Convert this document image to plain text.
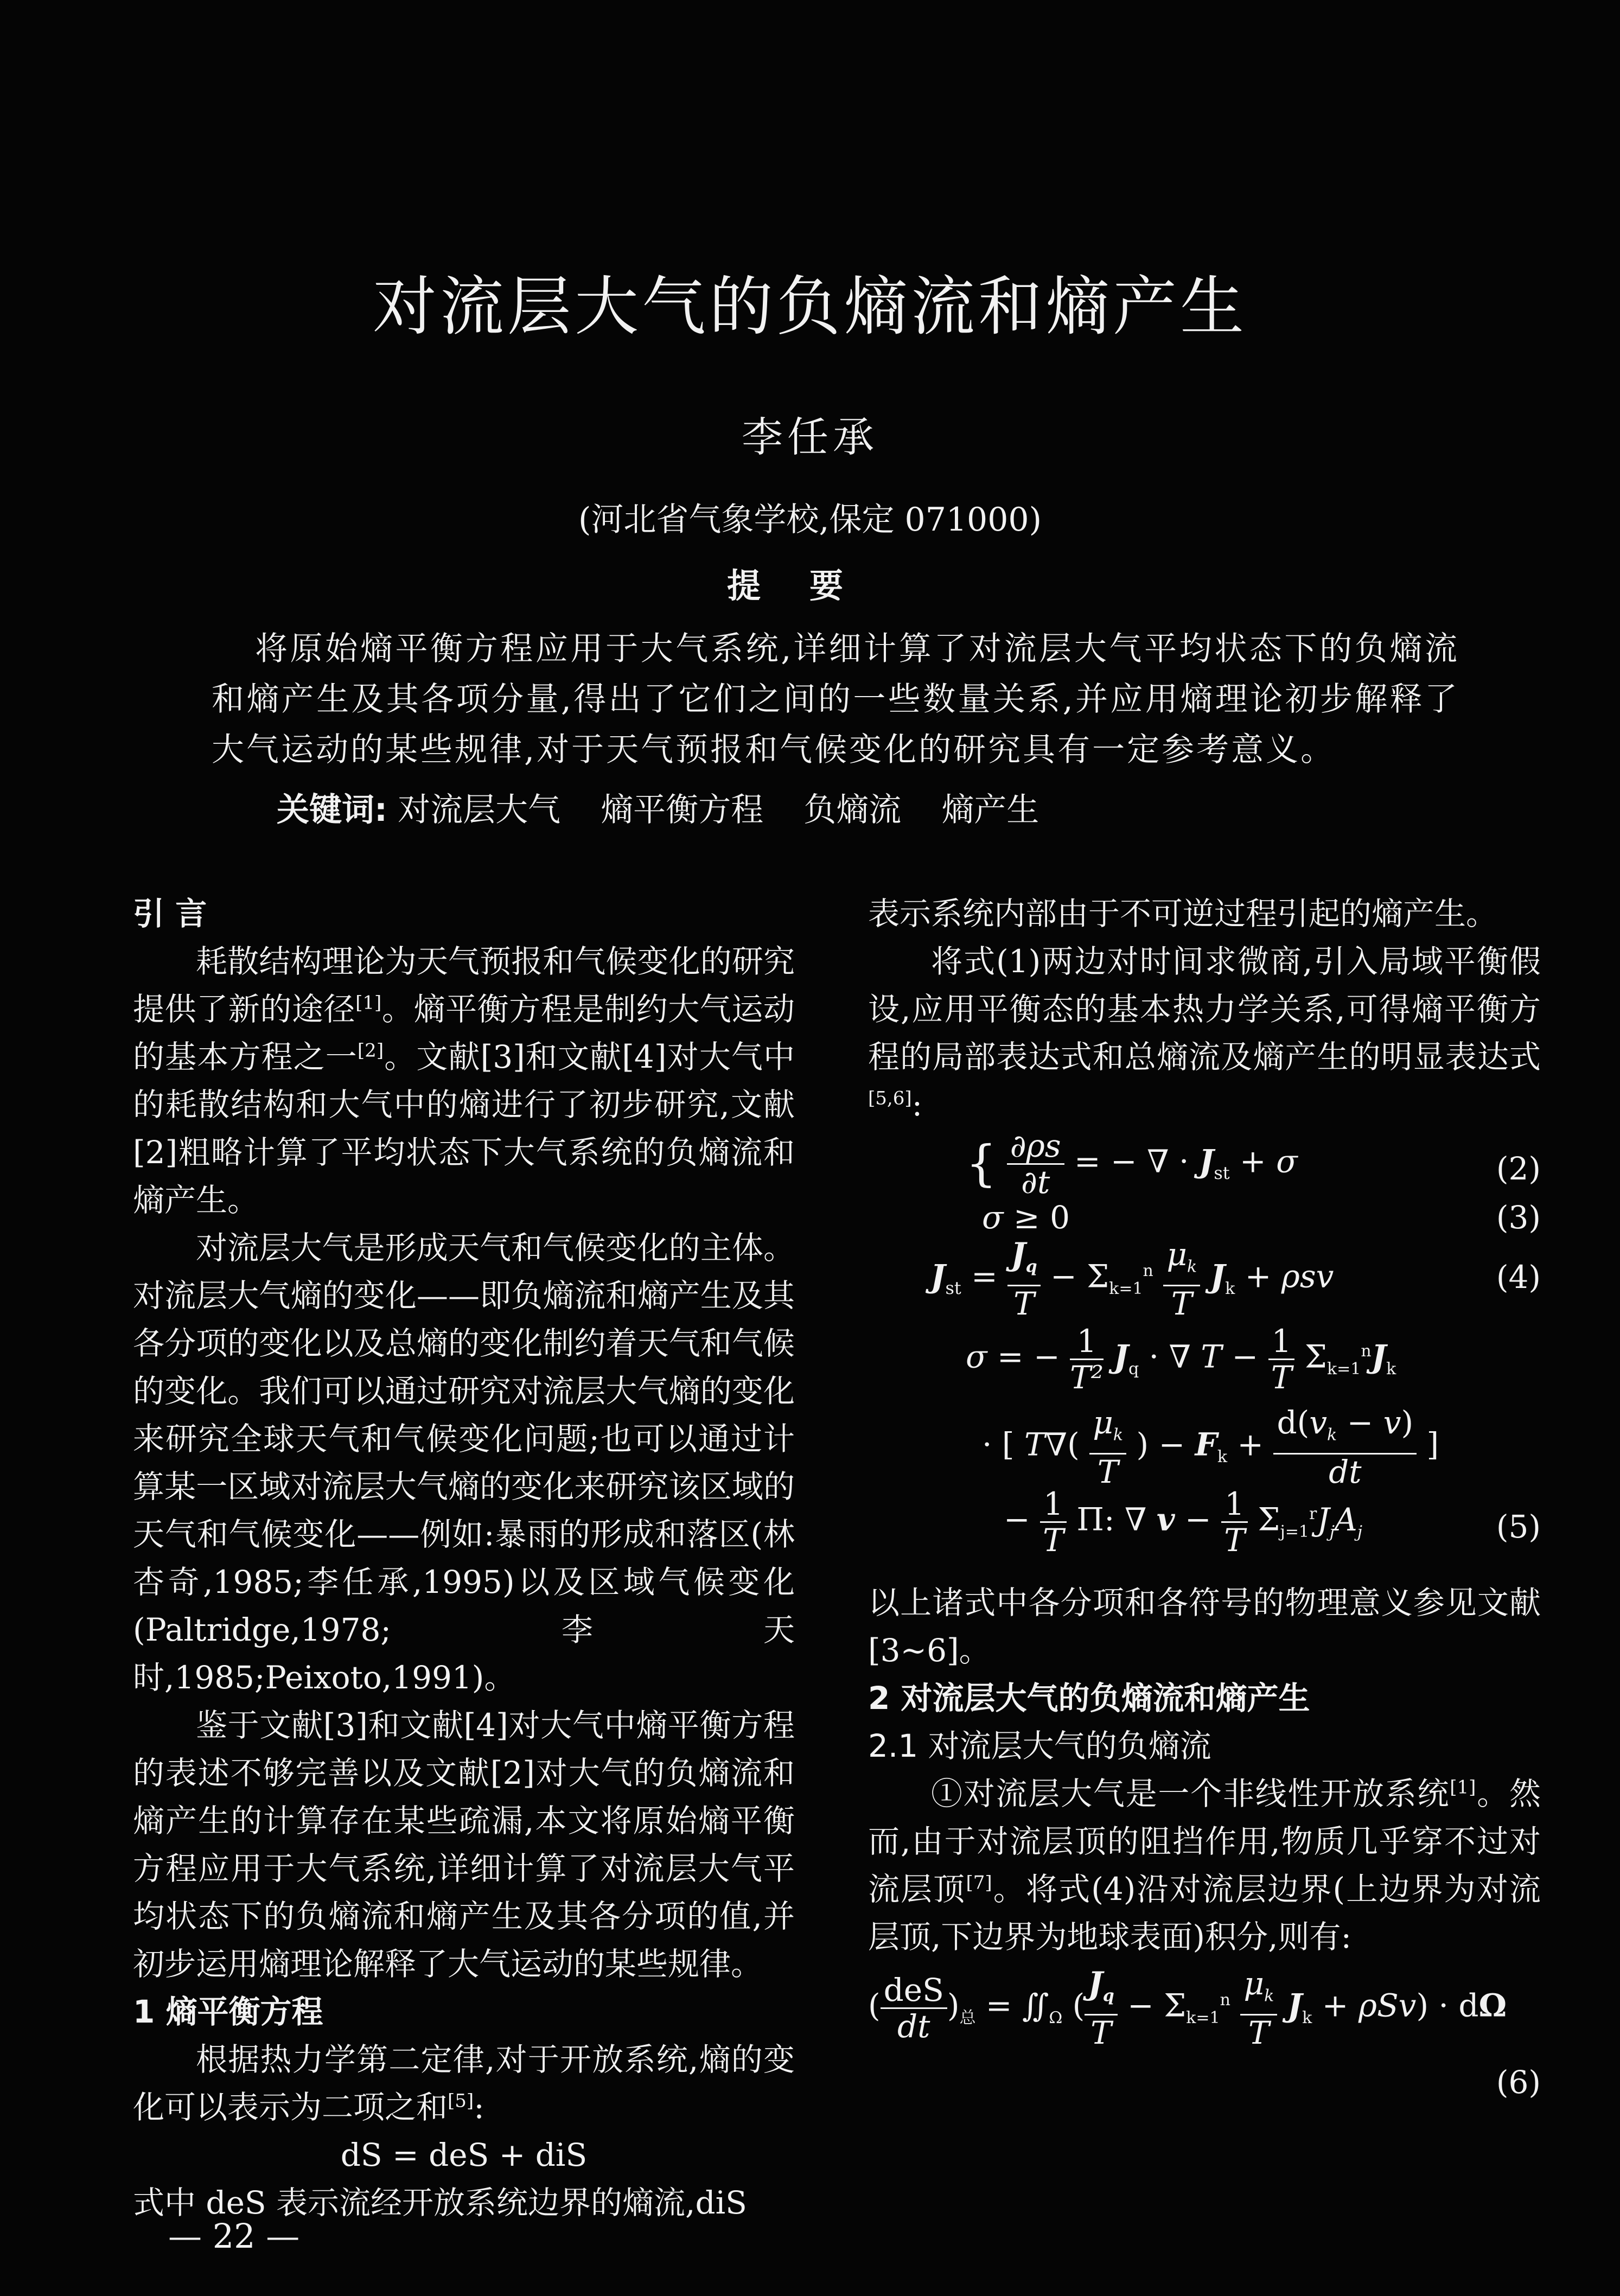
对流层大气的负熵流和熵产生
李任承
(河北省气象学校,保定 071000)
提 要
将原始熵平衡方程应用于大气系统,详细计算了对流层大气平均状态下的负熵流和熵产生及其各项分量,得出了它们之间的一些数量关系,并应用熵理论初步解释了大气运动的某些规律,对于天气预报和气候变化的研究具有一定参考意义。
关键词: 对流层大气 熵平衡方程 负熵流 熵产生
引 言

耗散结构理论为天气预报和气候变化的研究提供了新的途径[1]。熵平衡方程是制约大气运动的基本方程之一[2]。文献[3]和文献[4]对大气中的耗散结构和大气中的熵进行了初步研究,文献[2]粗略计算了平均状态下大气系统的负熵流和熵产生。

对流层大气是形成天气和气候变化的主体。对流层大气熵的变化——即负熵流和熵产生及其各分项的变化以及总熵的变化制约着天气和气候的变化。我们可以通过研究对流层大气熵的变化来研究全球天气和气候变化问题;也可以通过计算某一区域对流层大气熵的变化来研究该区域的天气和气候变化——例如:暴雨的形成和落区(林杏奇,1985;李任承,1995)以及区域气候变化(Paltridge,1978;李天时,1985;Peixoto,1991)。

鉴于文献[3]和文献[4]对大气中熵平衡方程的表述不够完善以及文献[2]对大气的负熵流和熵产生的计算存在某些疏漏,本文将原始熵平衡方程应用于大气系统,详细计算了对流层大气平均状态下的负熵流和熵产生及其各分项的值,并初步运用熵理论解释了大气运动的某些规律。

1 熵平衡方程

根据热力学第二定律,对于开放系统,熵的变化可以表示为二项之和[5]:

dS = deS + diS

式中 deS 表示流经开放系统边界的熵流,diS

表示系统内部由于不可逆过程引起的熵产生。

将式(1)两边对时间求微商,引入局域平衡假设,应用平衡态的基本热力学关系,可得熵平衡方程的局部表达式和总熵流及熵产生的明显表达式[5,6]:

{ $\frac{\partial\rho s}{\partial t}$ = − ∇ · $J_{st} + \sigma$	(2)
σ ≥ 0	(3)
$J_{st} = \frac{J_q}{T} - \Sigma_{k=1}^n \frac{\mu_k}{T} J_k + \rho sv$	(4)
σ = − $\frac{1}{\text{T²}} J_q$ · ∇ $T - \frac{1}{T} \Sigma_{k=1}^nJ_k$
· [ $T\nabla( \frac{\mu_k}{T}$ ) − $F_k + \frac{d(v_k - v)}{dt}$ ]
− $\frac{1}{T} \Pi$: ∇ $v - \frac{1}{T} \Sigma_{j=1}^rJ_jA_j$	(5)

以上诸式中各分项和各符号的物理意义参见文献[3~6]。

2 对流层大气的负熵流和熵产生
2.1 对流层大气的负熵流

①对流层大气是一个非线性开放系统[1]。然而,由于对流层顶的阻挡作用,物质几乎穿不过对流层顶[7]。将式(4)沿对流层边界(上边界为对流层顶,下边界为地球表面)积分,则有:

( $\frac{\text{deS}}{dt} )_总$ = $∬_\Omega$ ( $\frac{J_q}{T} - \Sigma_{k=1}^n \frac{\mu_k}{T} J_k + \rho Sv) \cdot d\Omega$
(6)
— 22 —
